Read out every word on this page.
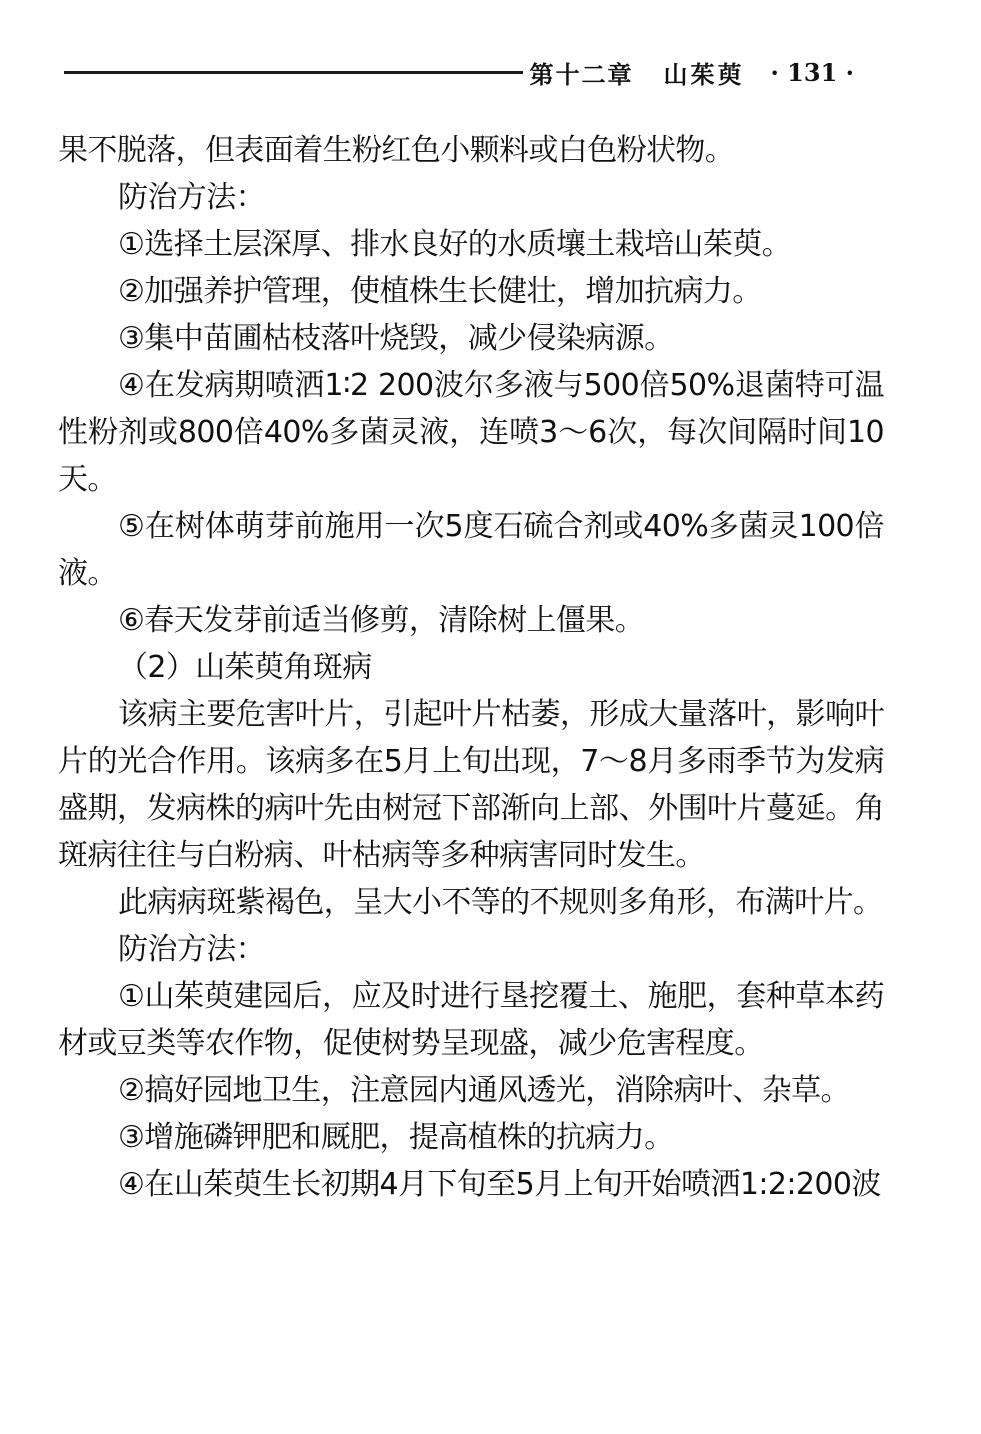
第十二章 山茱萸 · 131 ·

果不脱落，但表面着生粉红色小颗料或白色粉状物。

防治方法：

①选择土层深厚、排水良好的水质壤土栽培山茱萸。

②加强养护管理，使植株生长健壮，增加抗病力。

③集中苗圃枯枝落叶烧毁，减少侵染病源。

④在发病期喷洒1∶2 200波尔多液与500倍50%退菌特可温性粉剂或800倍40%多菌灵液，连喷3～6次，每次间隔时间10天。

⑤在树体萌芽前施用一次5度石硫合剂或40%多菌灵100倍液。

⑥春天发芽前适当修剪，清除树上僵果。

（2）山茱萸角斑病

该病主要危害叶片，引起叶片枯萎，形成大量落叶，影响叶片的光合作用。该病多在5月上旬出现，7～8月多雨季节为发病盛期，发病株的病叶先由树冠下部渐向上部、外围叶片蔓延。角斑病往往与白粉病、叶枯病等多种病害同时发生。

此病病斑紫褐色，呈大小不等的不规则多角形，布满叶片。

防治方法：

①山茱萸建园后，应及时进行垦挖覆土、施肥，套种草本药材或豆类等农作物，促使树势呈现盛，减少危害程度。

②搞好园地卫生，注意园内通风透光，消除病叶、杂草。

③增施磷钾肥和厩肥，提高植株的抗病力。

④在山茱萸生长初期4月下旬至5月上旬开始喷洒1:2:200波
